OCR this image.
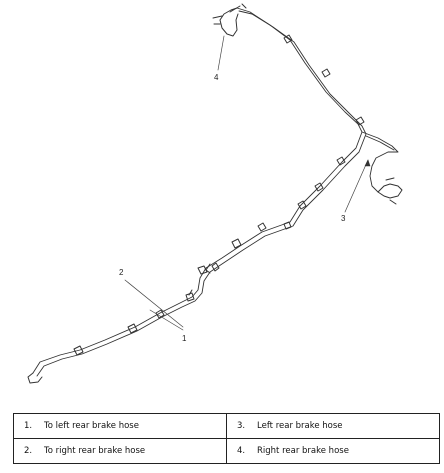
1
2
3
4
1. To left rear brake hose	3. Left rear brake hose
2. To right rear brake hose	4. Right rear brake hose
